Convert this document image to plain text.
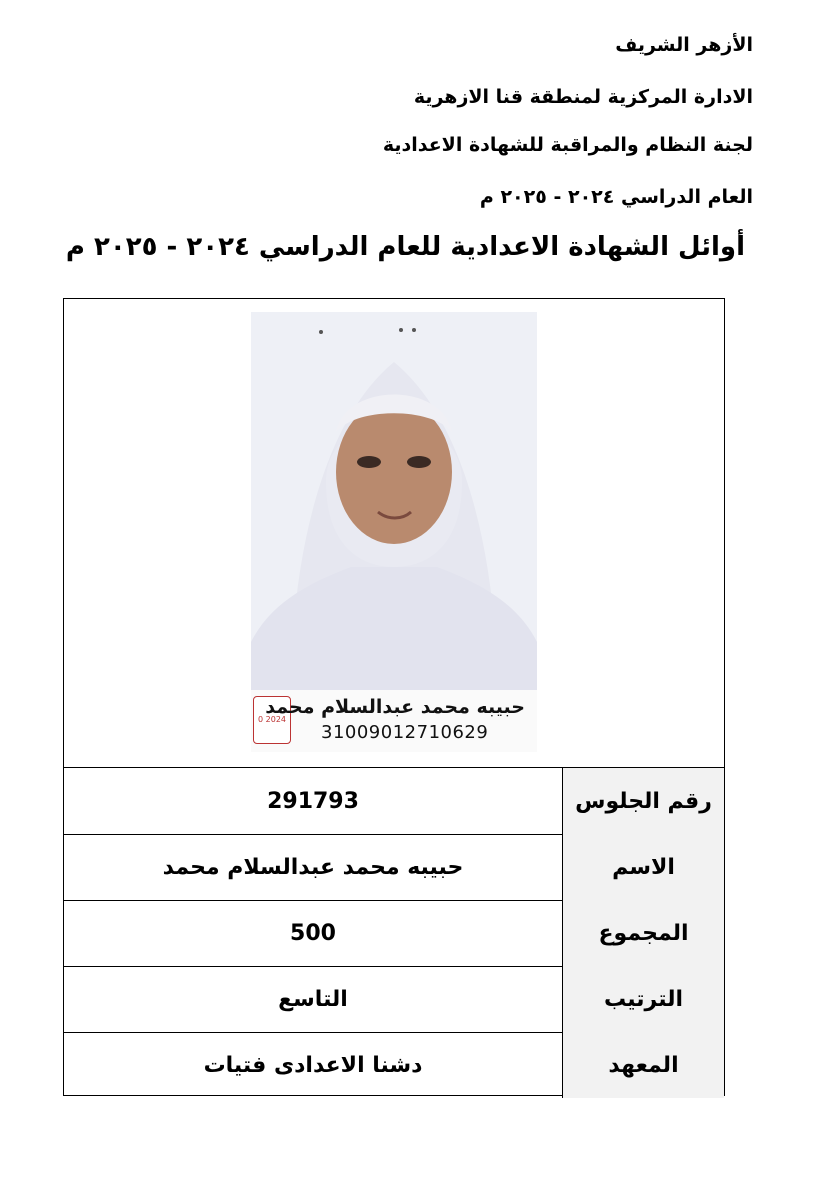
الأزهر الشريف
الادارة المركزية لمنطقة قنا الازهرية
لجنة النظام والمراقبة للشهادة الاعدادية
العام الدراسي ٢٠٢٤ - ٢٠٢٥ م
أوائل الشهادة الاعدادية للعام الدراسي ٢٠٢٤ - ٢٠٢٥ م
0 2024
حبيبه محمد عبدالسلام محمد
31009012710629
رقم الجلوس
291793
الاسم
حبيبه محمد عبدالسلام محمد
المجموع
500
الترتيب
التاسع
المعهد
دشنا الاعدادى فتيات
